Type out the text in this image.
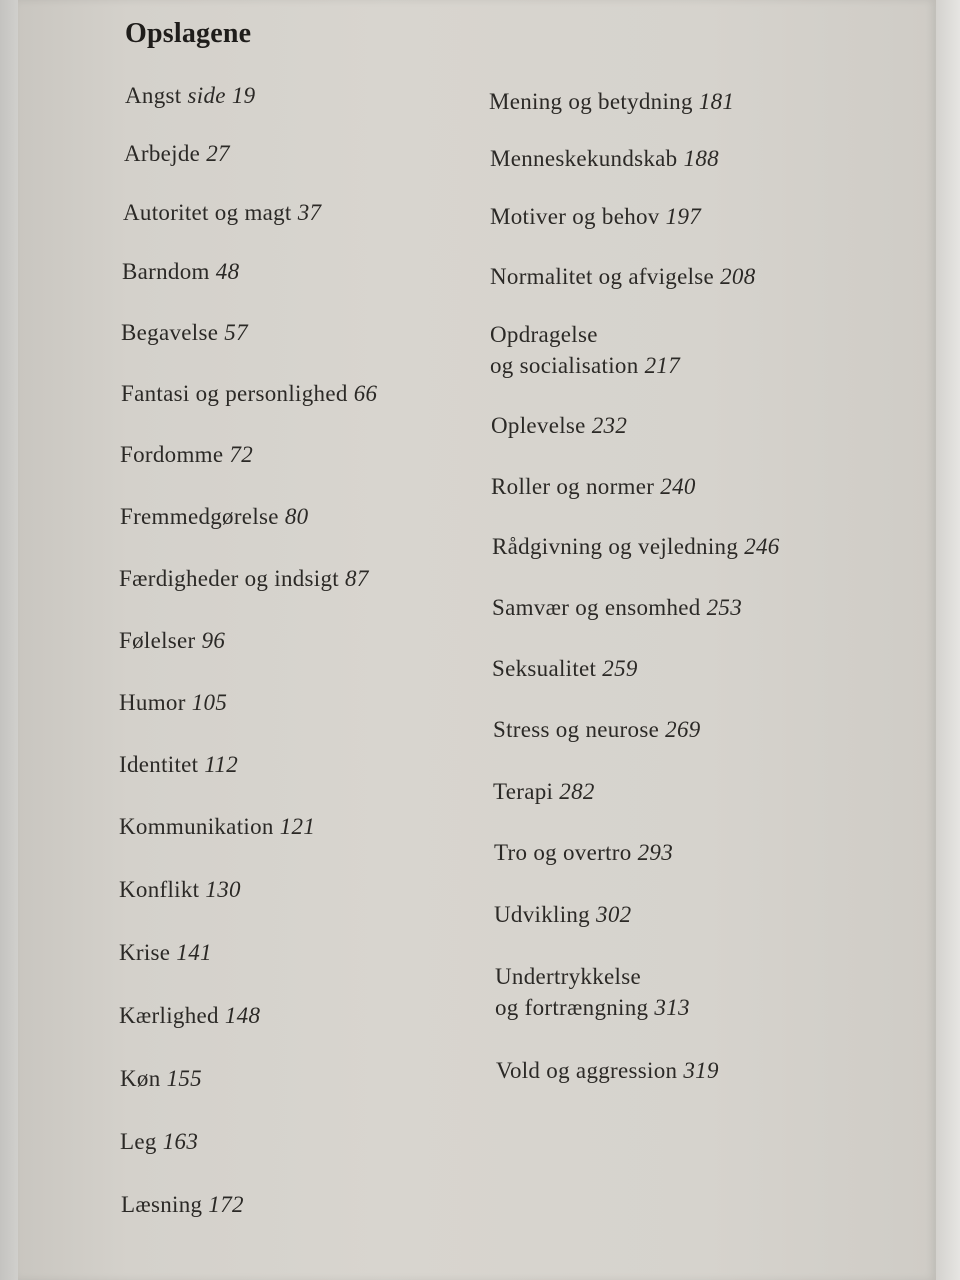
Opslagene
Angst side 19
Arbejde 27
Autoritet og magt 37
Barndom 48
Begavelse 57
Fantasi og personlighed 66
Fordomme 72
Fremmedgørelse 80
Færdigheder og indsigt 87
Følelser 96
Humor 105
Identitet 112
Kommunikation 121
Konflikt 130
Krise 141
Kærlighed 148
Køn 155
Leg 163
Læsning 172
Mening og betydning 181
Menneskekundskab 188
Motiver og behov 197
Normalitet og afvigelse 208
Opdragelse
og socialisation 217
Oplevelse 232
Roller og normer 240
Rådgivning og vejledning 246
Samvær og ensomhed 253
Seksualitet 259
Stress og neurose 269
Terapi 282
Tro og overtro 293
Udvikling 302
Undertrykkelse
og fortrængning 313
Vold og aggression 319
